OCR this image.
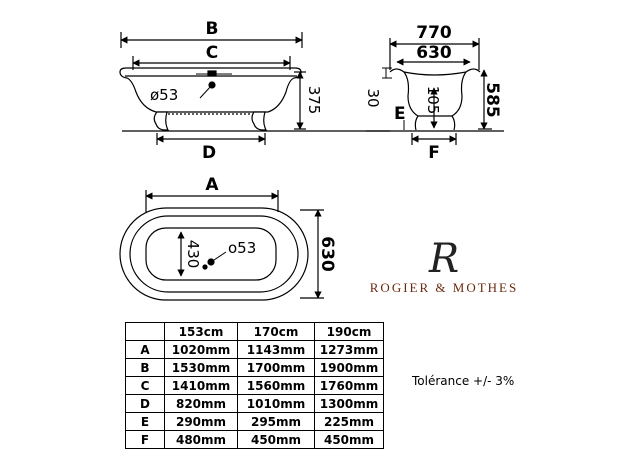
B
C
D
ø53	375
770
630
30	105 585
E
F
A
430 o53	630 R
ROGIER & MOTHES
	153cm	170cm	190cm
A	1020mm	1143mm	1273mm
B	1530mm	1700mm	1900mm
C	1410mm	1560mm	1760mm
D	820mm	1010mm	1300mm
E	290mm	295mm	225mm
F	480mm	450mm	450mm
Tolérance +/- 3%
